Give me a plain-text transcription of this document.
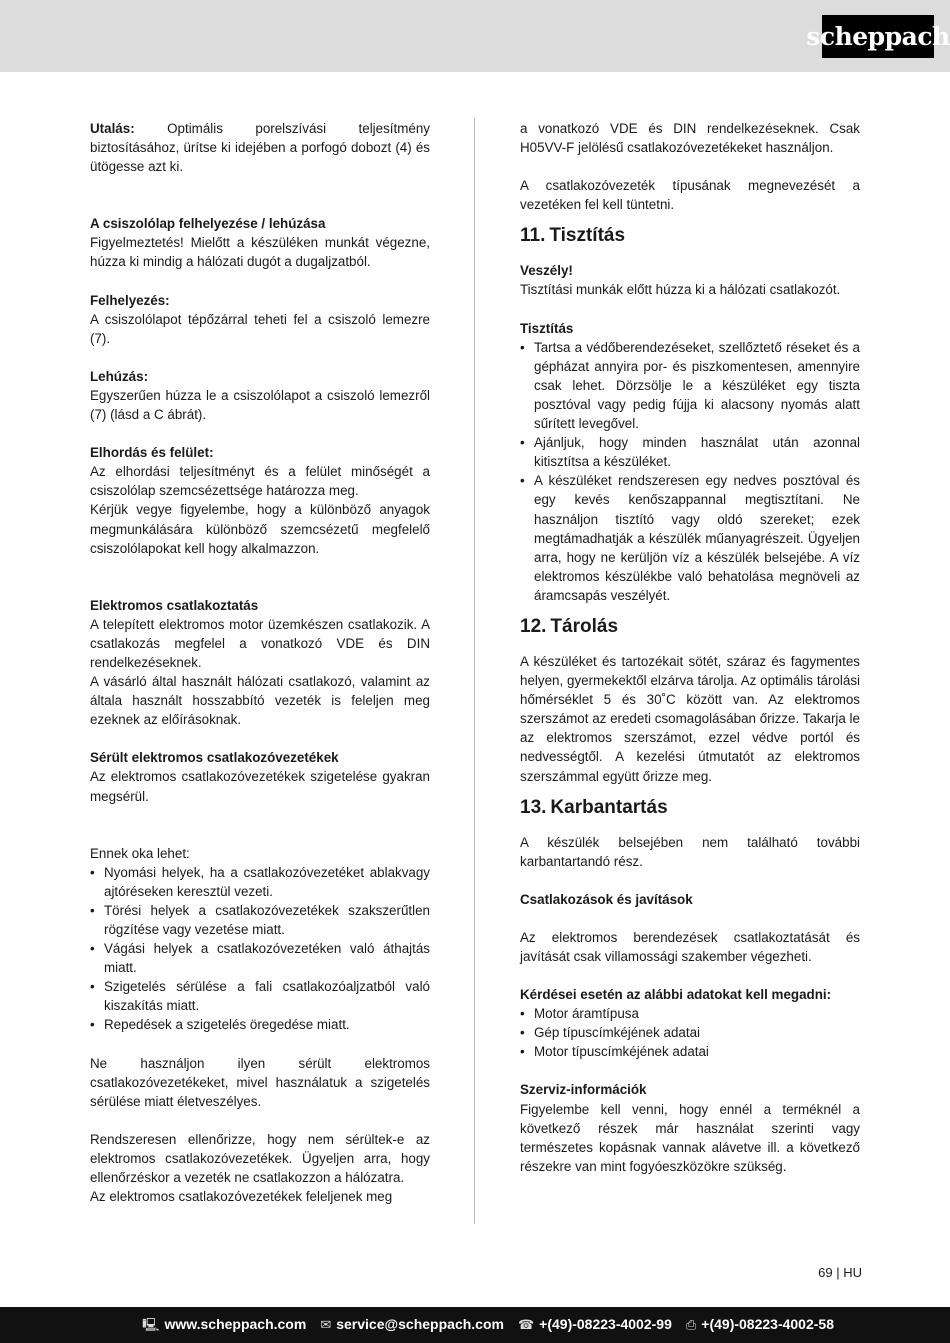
scheppach

Utalás: Optimális porelszívási teljesítmény biztosításához, ürítse ki idejében a porfogó dobozt (4) és ütögesse azt ki.

A csiszolólap felhelyezése / lehúzása

Figyelmeztetés! Mielőtt a készüléken munkát végezne, húzza ki mindig a hálózati dugót a dugaljzatból.

Felhelyezés:

A csiszolólapot tépőzárral teheti fel a csiszoló lemezre (7).

Lehúzás:

Egyszerűen húzza le a csiszolólapot a csiszoló lemezről (7) (lásd a C ábrát).

Elhordás és felület:

Az elhordási teljesítményt és a felület minőségét a csiszolólap szemcsézettsége határozza meg.

Kérjük vegye figyelembe, hogy a különböző anyagok megmunkálására különböző szemcsézetű megfelelő csiszolólapokat kell hogy alkalmazzon.

Elektromos csatlakoztatás

A telepített elektromos motor üzemkészen csatlakozik. A csatlakozás megfelel a vonatkozó VDE és DIN rendelkezéseknek.

A vásárló által használt hálózati csatlakozó, valamint az általa használt hosszabbító vezeték is feleljen meg ezeknek az előírásoknak.

Sérült elektromos csatlakozóvezetékek

Az elektromos csatlakozóvezetékek szigetelése gyakran megsérül.

Ennek oka lehet:

• Nyomási helyek, ha a csatlakozóvezetéket ablakvagy ajtóréseken keresztül vezeti.
• Törési helyek a csatlakozóvezetékek szakszerűtlen rögzítése vagy vezetése miatt.
• Vágási helyek a csatlakozóvezetéken való áthajtás miatt.
• Szigetelés sérülése a fali csatlakozóaljzatból való kiszakítás miatt.
• Repedések a szigetelés öregedése miatt.

Ne használjon ilyen sérült elektromos csatlakozóvezetékeket, mivel használatuk a szigetelés sérülése miatt életveszélyes.

Rendszeresen ellenőrizze, hogy nem sérültek-e az elektromos csatlakozóvezetékek. Ügyeljen arra, hogy ellenőrzéskor a vezeték ne csatlakozzon a hálózatra.

Az elektromos csatlakozóvezetékek feleljenek meg

a vonatkozó VDE és DIN rendelkezéseknek. Csak H05VV-F jelölésű csatlakozóvezetékeket használjon.

A csatlakozóvezeték típusának megnevezését a vezetéken fel kell tüntetni.

11. Tisztítás

Veszély!

Tisztítási munkák előtt húzza ki a hálózati csatlakozót.

Tisztítás

• Tartsa a védőberendezéseket, szellőztető réseket és a gépházat annyira por- és piszkomentesen, amennyire csak lehet. Dörzsölje le a készüléket egy tiszta posztóval vagy pedig fújja ki alacsony nyomás alatt sűrített levegővel.
• Ajánljuk, hogy minden használat után azonnal kitisztítsa a készüléket.
• A készüléket rendszeresen egy nedves posztóval és egy kevés kenőszappannal megtisztítani. Ne használjon tisztító vagy oldó szereket; ezek megtámadhatják a készülék műanyagrészeit. Ügyeljen arra, hogy ne kerüljön víz a készülék belsejébe. A víz elektromos készülékbe való behatolása megnöveli az áramcsapás veszélyét.
12. Tárolás

A készüléket és tartozékait sötét, száraz és fagymentes helyen, gyermekektől elzárva tárolja. Az optimális tárolási hőmérséklet 5 és 30˚C között van. Az elektromos szerszámot az eredeti csomagolásában őrizze. Takarja le az elektromos szerszámot, ezzel védve portól és nedvességtől. A kezelési útmutatót az elektromos szerszámmal együtt őrizze meg.

13. Karbantartás

A készülék belsejében nem található további karbantartandó rész.

Csatlakozások és javítások

Az elektromos berendezések csatlakoztatását és javítását csak villamossági szakember végezheti.

Kérdései esetén az alábbi adatokat kell megadni:

• Motor áramtípusa
• Gép típuscímkéjének adatai
• Motor típuscímkéjének adatai

Szerviz-információk

Figyelembe kell venni, hogy ennél a terméknél a következő részek már használat szerinti vagy természetes kopásnak vannak alávetve ill. a következő részekre van mint fogyóeszközökre szükség.

69 | HU
🖳 www.scheppach.com ✉ service@scheppach.com ☎ +(49)-08223-4002-99 ⎙ +(49)-08223-4002-58
